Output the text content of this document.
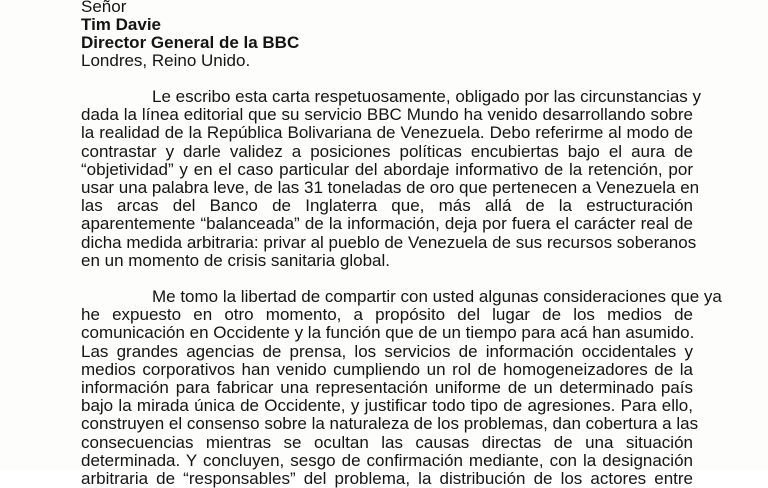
Señor
Tim Davie
Director General de la BBC
Londres, Reino Unido.
Le escribo esta carta respetuosamente, obligado por las circunstancias y
dada la línea editorial que su servicio BBC Mundo ha venido desarrollando sobre
la realidad de la República Bolivariana de Venezuela. Debo referirme al modo de
contrastar y darle validez a posiciones políticas encubiertas bajo el aura de
“objetividad” y en el caso particular del abordaje informativo de la retención, por
usar una palabra leve, de las 31 toneladas de oro que pertenecen a Venezuela en
las arcas del Banco de Inglaterra que, más allá de la estructuración
aparentemente “balanceada” de la información, deja por fuera el carácter real de
dicha medida arbitraria: privar al pueblo de Venezuela de sus recursos soberanos
en un momento de crisis sanitaria global.
Me tomo la libertad de compartir con usted algunas consideraciones que ya
he expuesto en otro momento, a propósito del lugar de los medios de
comunicación en Occidente y la función que de un tiempo para acá han asumido.
Las grandes agencias de prensa, los servicios de información occidentales y
medios corporativos han venido cumpliendo un rol de homogeneizadores de la
información para fabricar una representación uniforme de un determinado país
bajo la mirada única de Occidente, y justificar todo tipo de agresiones. Para ello,
construyen el consenso sobre la naturaleza de los problemas, dan cobertura a las
consecuencias mientras se ocultan las causas directas de una situación
determinada. Y concluyen, sesgo de confirmación mediante, con la designación
arbitraria de “responsables” del problema, la distribución de los actores entre
